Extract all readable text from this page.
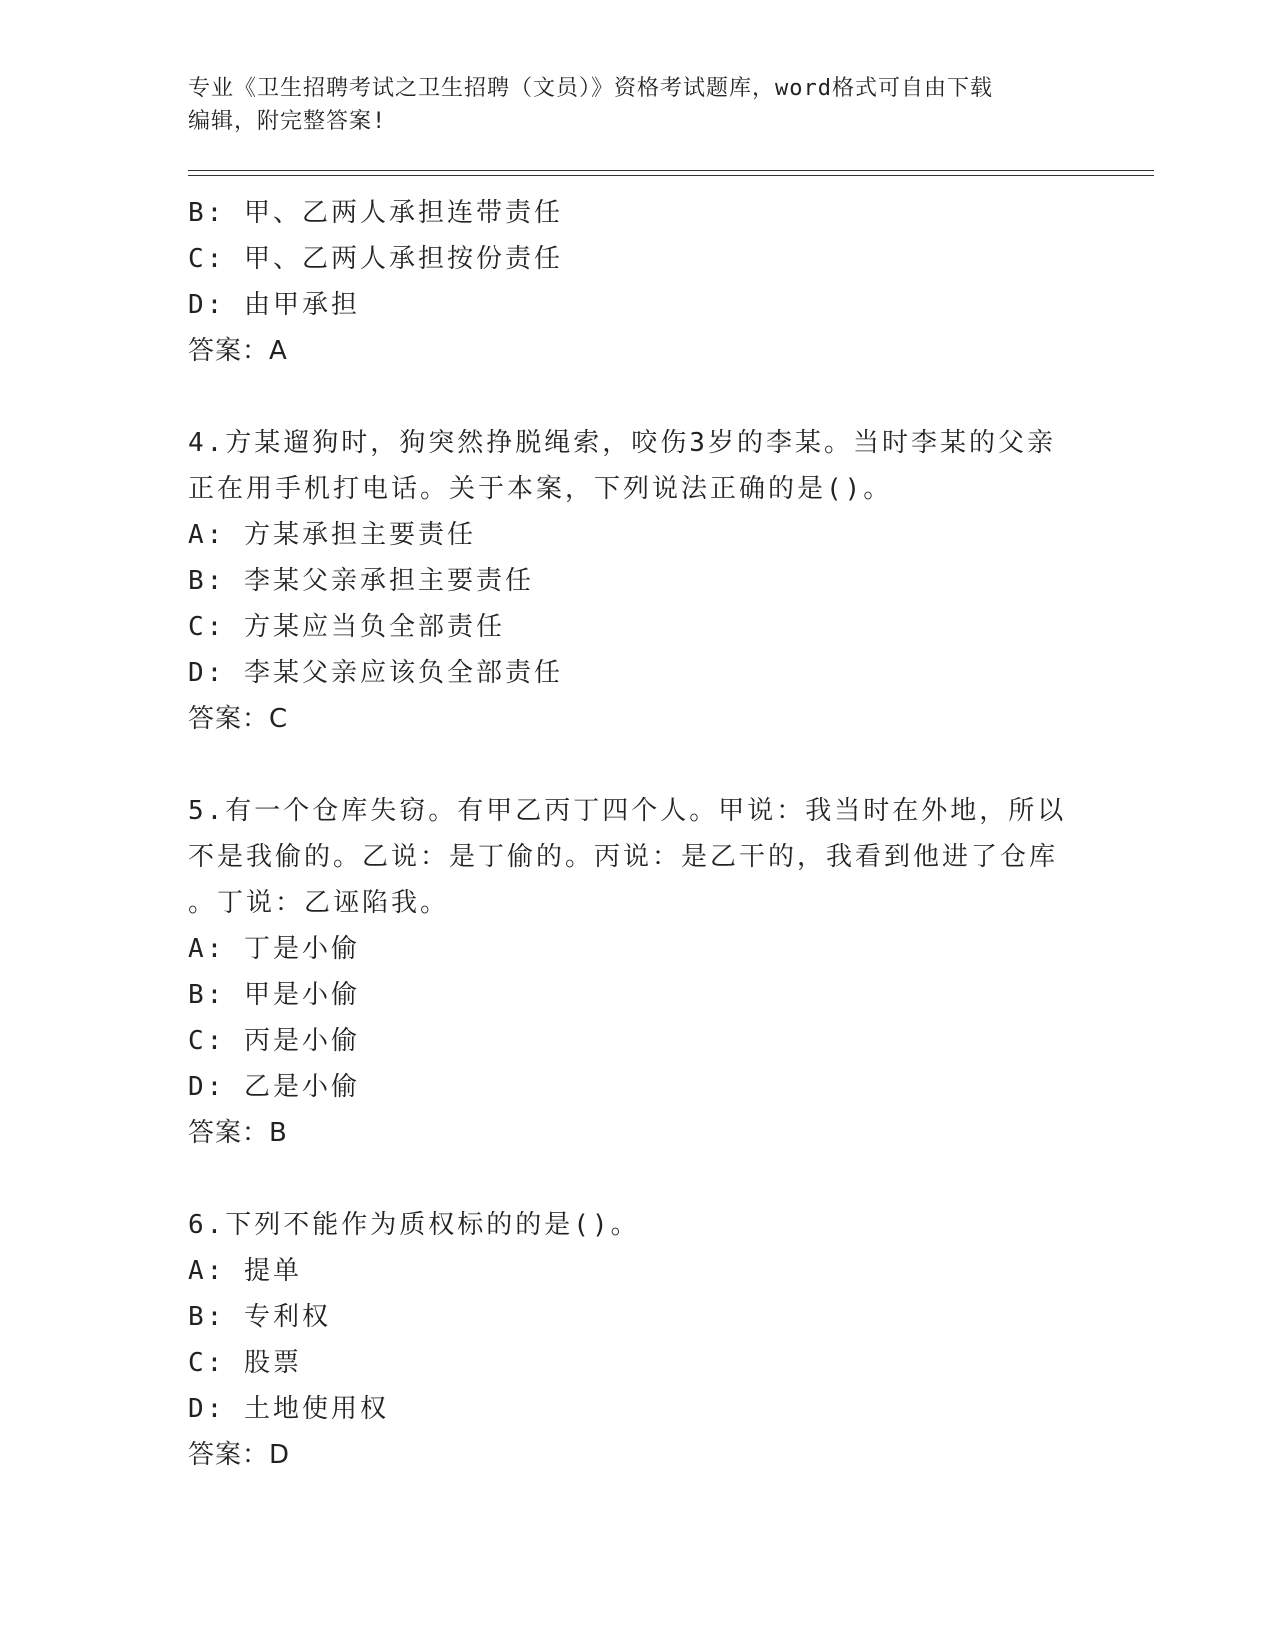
专业《卫生招聘考试之卫生招聘（文员）》资格考试题库，word格式可自由下载
编辑，附完整答案!
B: 甲、乙两人承担连带责任
C: 甲、乙两人承担按份责任
D: 由甲承担
答案：A
4.方某遛狗时，狗突然挣脱绳索，咬伤3岁的李某。当时李某的父亲
正在用手机打电话。关于本案，下列说法正确的是()。
A: 方某承担主要责任
B: 李某父亲承担主要责任
C: 方某应当负全部责任
D: 李某父亲应该负全部责任
答案：C
5.有一个仓库失窃。有甲乙丙丁四个人。甲说：我当时在外地，所以
不是我偷的。乙说：是丁偷的。丙说：是乙干的，我看到他进了仓库
。丁说：乙诬陷我。
A: 丁是小偷
B: 甲是小偷
C: 丙是小偷
D: 乙是小偷
答案：B
6.下列不能作为质权标的的是()。
A: 提单
B: 专利权
C: 股票
D: 土地使用权
答案：D
